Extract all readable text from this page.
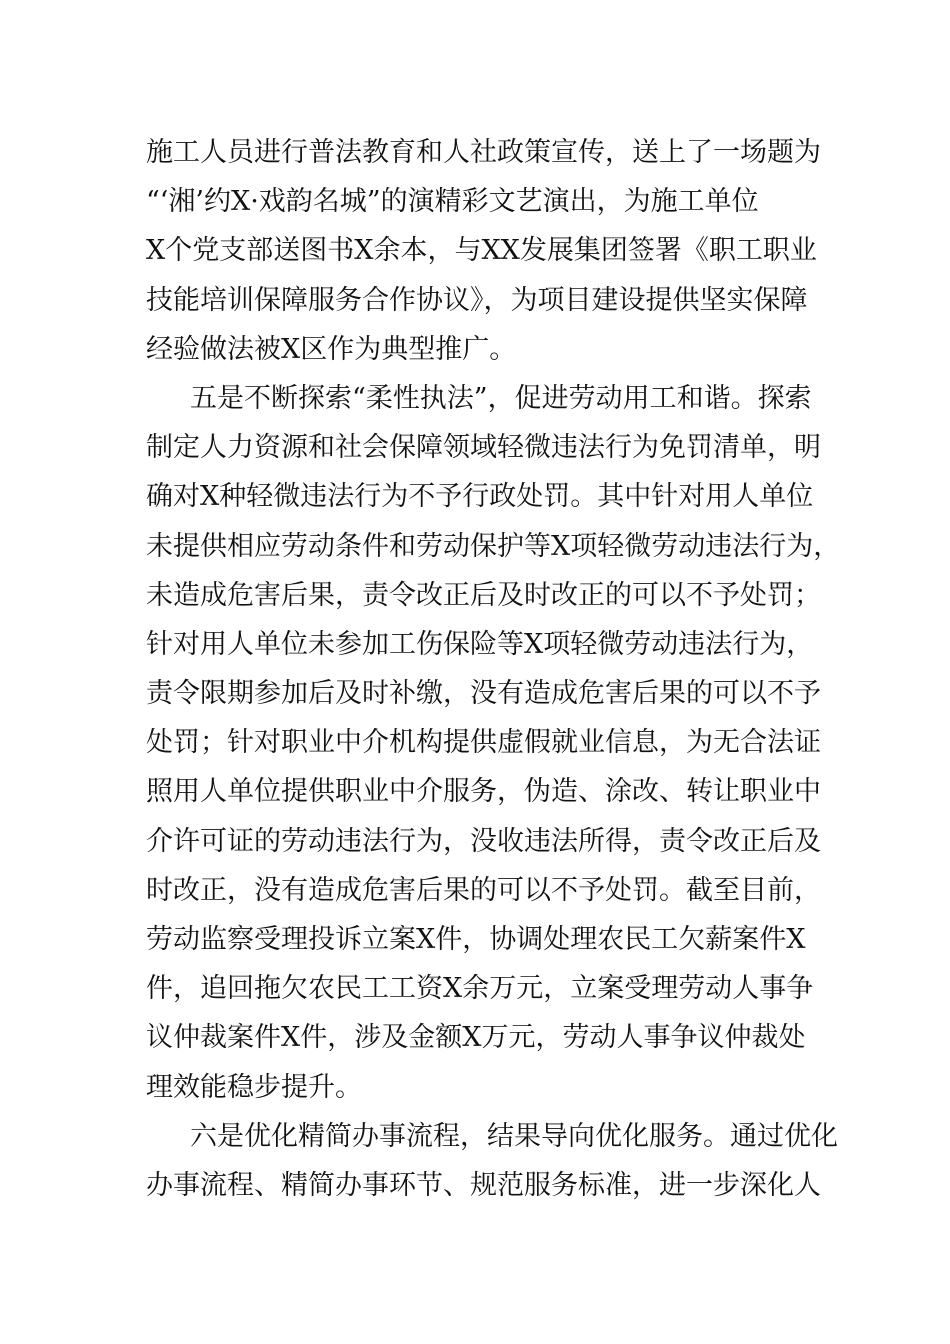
施工人员进行普法教育和人社政策宣传，送上了一场题为
“‘湘’约X·戏韵名城”的演精彩文艺演出，为施工单位
X个党支部送图书X余本，与XX发展集团签署《职工职业
技能培训保障服务合作协议》，为项目建设提供坚实保障
经验做法被X区作为典型推广。
五是不断探索“柔性执法”，促进劳动用工和谐。探索
制定人力资源和社会保障领域轻微违法行为免罚清单，明
确对X种轻微违法行为不予行政处罚。其中针对用人单位
未提供相应劳动条件和劳动保护等X项轻微劳动违法行为，
未造成危害后果，责令改正后及时改正的可以不予处罚；
针对用人单位未参加工伤保险等X项轻微劳动违法行为，
责令限期参加后及时补缴，没有造成危害后果的可以不予
处罚；针对职业中介机构提供虚假就业信息，为无合法证
照用人单位提供职业中介服务，伪造、涂改、转让职业中
介许可证的劳动违法行为，没收违法所得，责令改正后及
时改正，没有造成危害后果的可以不予处罚。截至目前，
劳动监察受理投诉立案X件，协调处理农民工欠薪案件X
件，追回拖欠农民工工资X余万元，立案受理劳动人事争
议仲裁案件X件，涉及金额X万元，劳动人事争议仲裁处
理效能稳步提升。
六是优化精简办事流程，结果导向优化服务。通过优化
办事流程、精简办事环节、规范服务标准，进一步深化人
